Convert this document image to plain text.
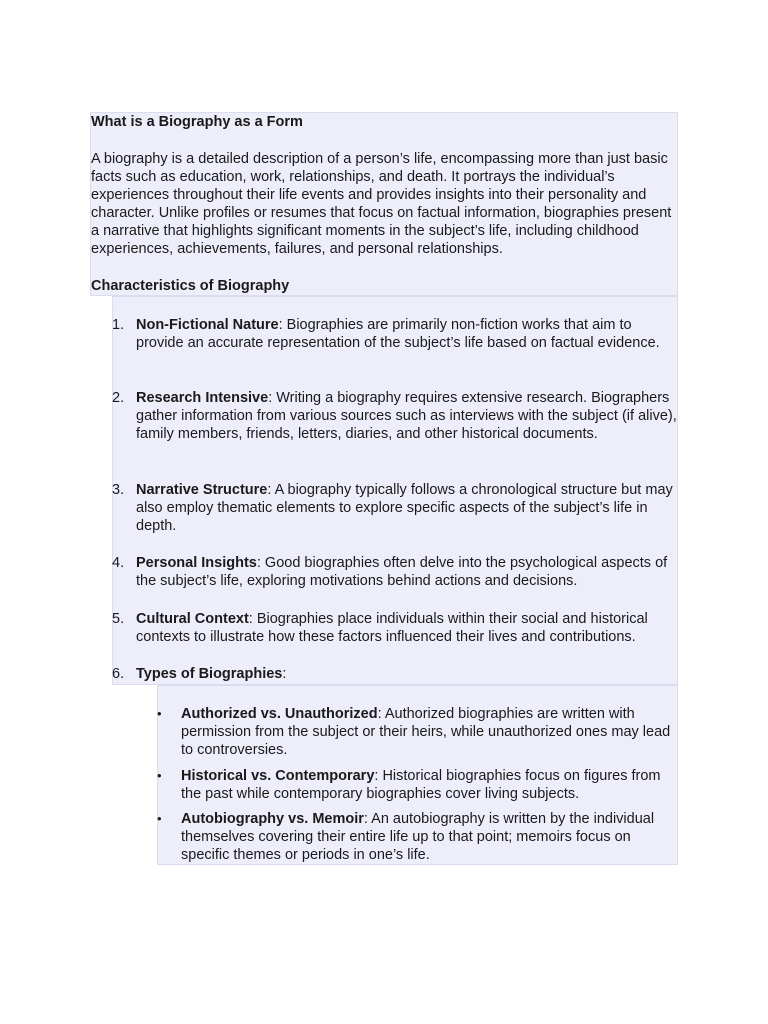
What is a Biography as a Form

A biography is a detailed description of a person’s life, encompassing more than just basic facts such as education, work, relationships, and death. It portrays the individual’s experiences throughout their life events and provides insights into their personality and character. Unlike profiles or resumes that focus on factual information, biographies present a narrative that highlights significant moments in the subject’s life, including childhood experiences, achievements, failures, and personal relationships.

Characteristics of Biography
1. Non-Fictional Nature: Biographies are primarily non-fiction works that aim to provide an accurate representation of the subject’s life based on factual evidence.
2. Research Intensive: Writing a biography requires extensive research. Biographers gather information from various sources such as interviews with the subject (if alive), family members, friends, letters, diaries, and other historical documents.
3. Narrative Structure: A biography typically follows a chronological structure but may also employ thematic elements to explore specific aspects of the subject’s life in depth.
4. Personal Insights: Good biographies often delve into the psychological aspects of the subject’s life, exploring motivations behind actions and decisions.
5. Cultural Context: Biographies place individuals within their social and historical contexts to illustrate how these factors influenced their lives and contributions.
6. Types of Biographies:
• Authorized vs. Unauthorized: Authorized biographies are written with permission from the subject or their heirs, while unauthorized ones may lead to controversies.
• Historical vs. Contemporary: Historical biographies focus on figures from the past while contemporary biographies cover living subjects.
• Autobiography vs. Memoir: An autobiography is written by the individual themselves covering their entire life up to that point; memoirs focus on specific themes or periods in one’s life.
